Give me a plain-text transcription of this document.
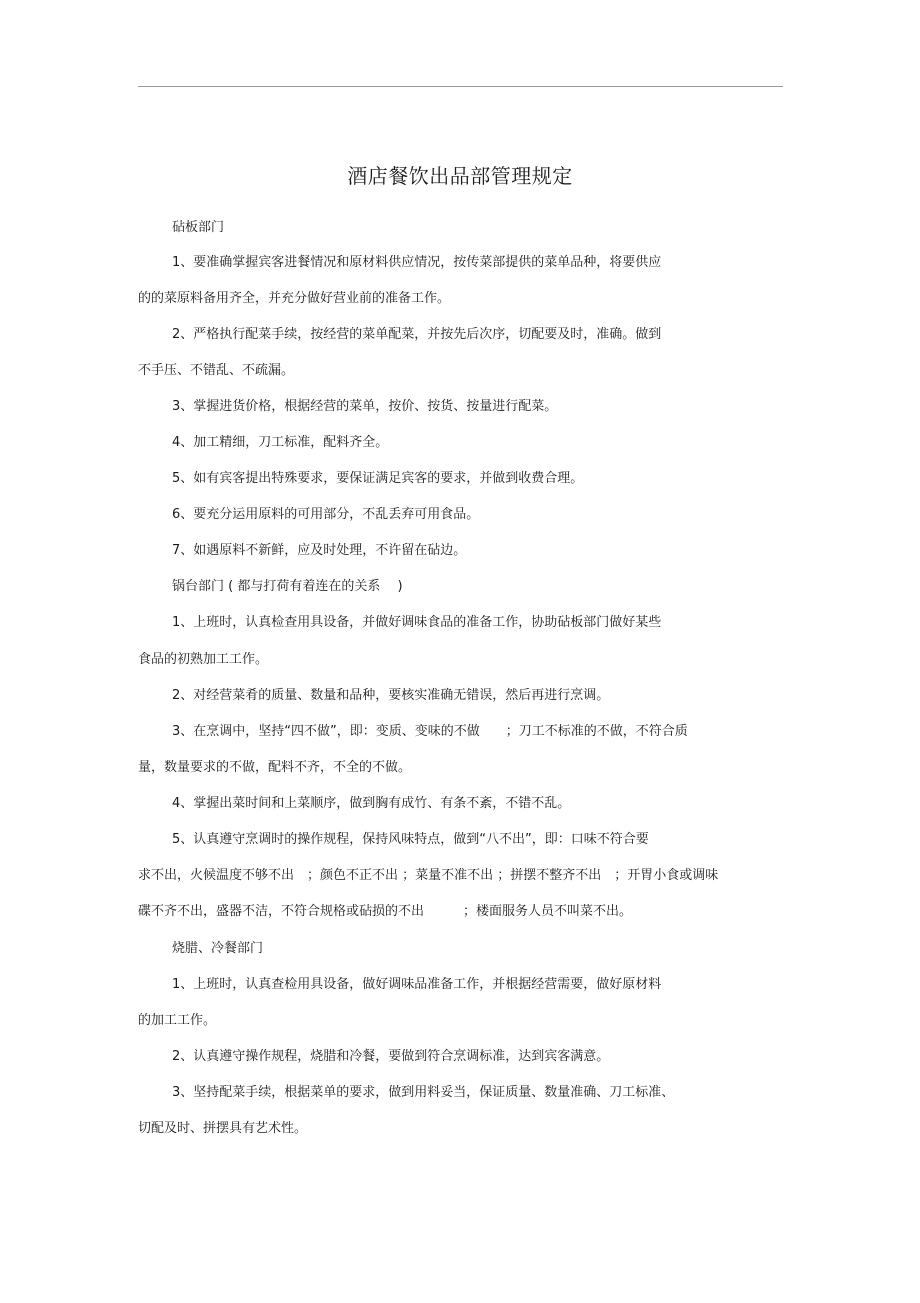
酒店餐饮出品部管理规定
砧板部门
1、要准确掌握宾客进餐情况和原材料供应情况，按传菜部提供的菜单品种，将要供应
的的菜原料备用齐全，并充分做好营业前的准备工作。
2、严格执行配菜手续，按经营的菜单配菜，并按先后次序，切配要及时，准确。做到
不手压、不错乱、不疏漏。
3、掌握进货价格，根据经营的菜单，按价、按货、按量进行配菜。
4、加工精细，刀工标准，配料齐全。
5、如有宾客提出特殊要求，要保证满足宾客的要求，并做到收费合理。
6、要充分运用原料的可用部分，不乱丢弃可用食品。
7、如遇原料不新鲜，应及时处理，不许留在砧边。
锅台部门 ( 都与打荷有着连在的关系　 )
1、上班时，认真检查用具设备，并做好调味食品的准备工作，协助砧板部门做好某些
食品的初熟加工工作。
2、对经营菜肴的质量、数量和品种，要核实准确无错误，然后再进行烹调。
3、在烹调中，坚持“四不做”，即：变质、变味的不做　　；刀工不标准的不做，不符合质
量，数量要求的不做，配料不齐，不全的不做。
4、掌握出菜时间和上菜顺序，做到胸有成竹、有条不紊，不错不乱。
5、认真遵守烹调时的操作规程，保持风味特点，做到“八不出”，即：口味不符合要
求不出，火候温度不够不出　；颜色不正不出 ；菜量不准不出 ；拼摆不整齐不出　；开胃小食或调味
碟不齐不出，盛器不洁，不符合规格或砧损的不出　　　；楼面服务人员不叫菜不出。
烧腊、冷餐部门
1、上班时，认真查检用具设备，做好调味品准备工作，并根据经营需要，做好原材料
的加工工作。
2、认真遵守操作规程，烧腊和冷餐，要做到符合烹调标准，达到宾客满意。
3、坚持配菜手续，根据菜单的要求，做到用料妥当，保证质量、数量准确、刀工标准、
切配及时、拼摆具有艺术性。
